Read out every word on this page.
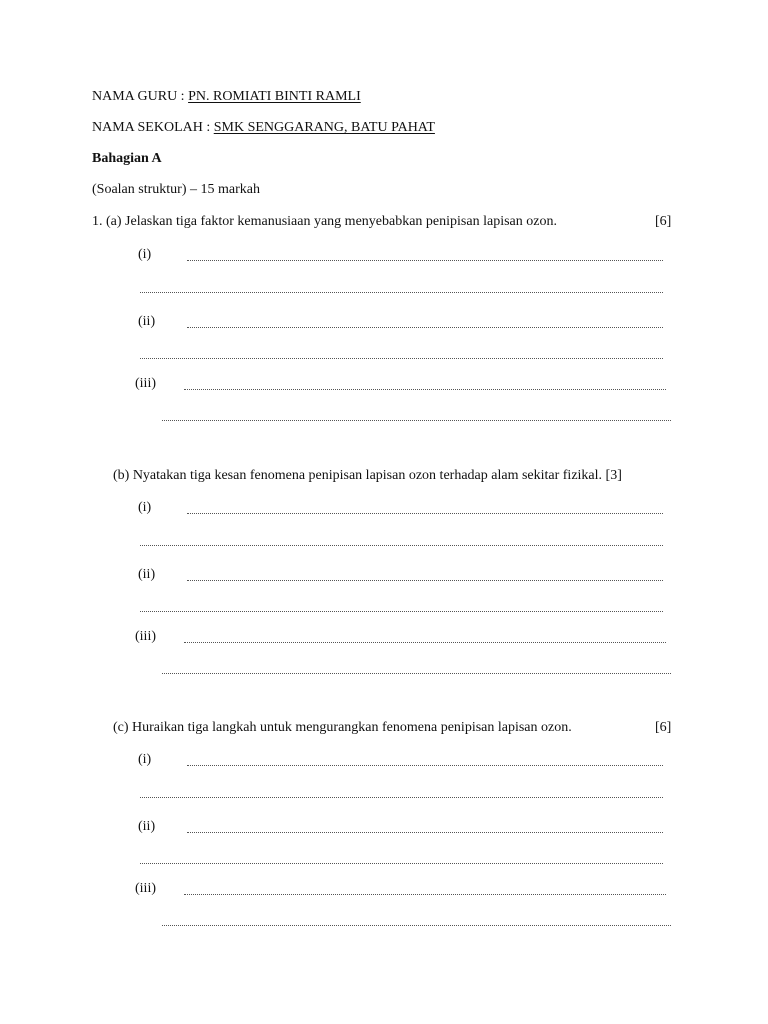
NAMA GURU : PN. ROMIATI BINTI RAMLI
NAMA SEKOLAH : SMK SENGGARANG, BATU PAHAT
Bahagian A
(Soalan struktur) – 15 markah
1. (a) Jelaskan tiga faktor kemanusiaan yang menyebabkan penipisan lapisan ozon.	[6]
(i)
(ii)
(iii)
(b) Nyatakan tiga kesan fenomena penipisan lapisan ozon terhadap alam sekitar fizikal. [3]
(i)
(ii)
(iii)
(c) Huraikan tiga langkah untuk mengurangkan fenomena penipisan lapisan ozon.	[6]
(i)
(ii)
(iii)
